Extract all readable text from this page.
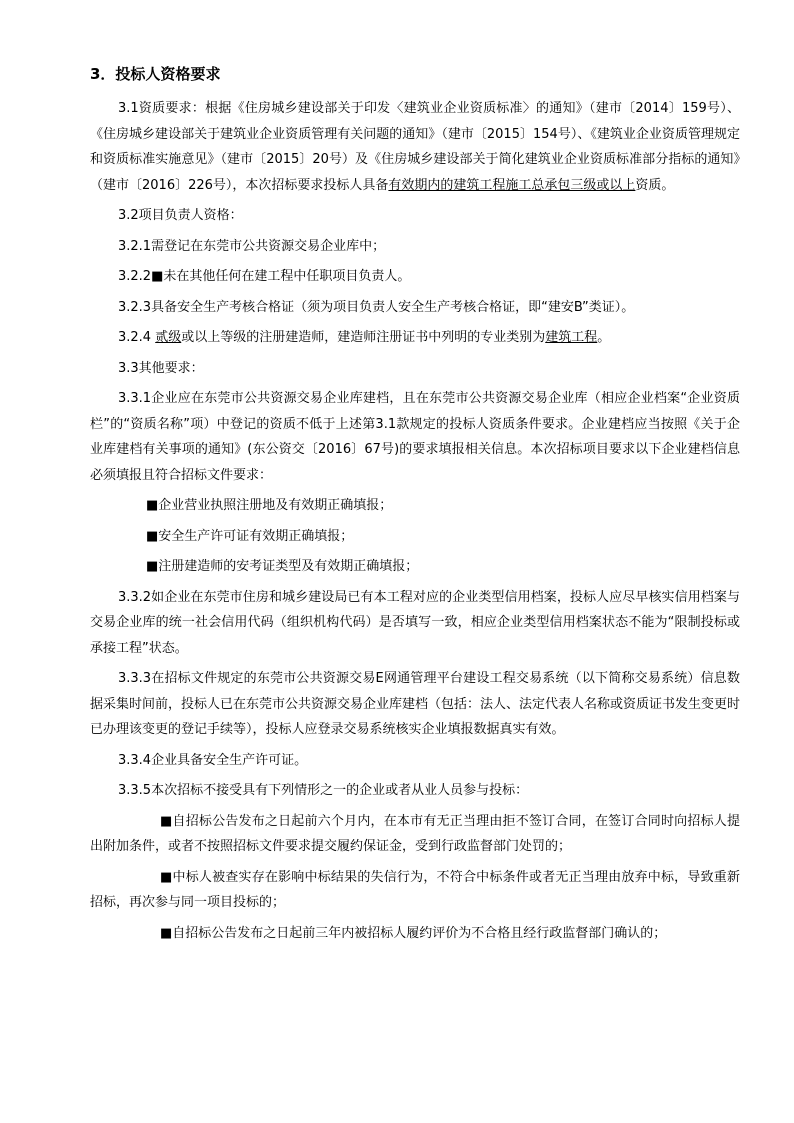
3．投标人资格要求

3.1资质要求：根据《住房城乡建设部关于印发〈建筑业企业资质标准〉的通知》（建市〔2014〕159号）、《住房城乡建设部关于建筑业企业资质管理有关问题的通知》（建市〔2015〕154号）、《建筑业企业资质管理规定和资质标准实施意见》（建市〔2015〕20号）及《住房城乡建设部关于简化建筑业企业资质标准部分指标的通知》（建市〔2016〕226号），本次招标要求投标人具备有效期内的建筑工程施工总承包三级或以上资质。

3.2项目负责人资格：

3.2.1需登记在东莞市公共资源交易企业库中；

3.2.2■未在其他任何在建工程中任职项目负责人。

3.2.3具备安全生产考核合格证（须为项目负责人安全生产考核合格证，即“建安B”类证）。

3.2.4 贰级或以上等级的注册建造师，建造师注册证书中列明的专业类别为建筑工程。

3.3其他要求：

3.3.1企业应在东莞市公共资源交易企业库建档，且在东莞市公共资源交易企业库（相应企业档案“企业资质栏”的“资质名称”项）中登记的资质不低于上述第3.1款规定的投标人资质条件要求。企业建档应当按照《关于企业库建档有关事项的通知》(东公资交〔2016〕67号)的要求填报相关信息。本次招标项目要求以下企业建档信息必须填报且符合招标文件要求：

■企业营业执照注册地及有效期正确填报；

■安全生产许可证有效期正确填报；

■注册建造师的安考证类型及有效期正确填报；

3.3.2如企业在东莞市住房和城乡建设局已有本工程对应的企业类型信用档案，投标人应尽早核实信用档案与交易企业库的统一社会信用代码（组织机构代码）是否填写一致，相应企业类型信用档案状态不能为“限制投标或承接工程”状态。

3.3.3在招标文件规定的东莞市公共资源交易E网通管理平台建设工程交易系统（以下简称交易系统）信息数据采集时间前，投标人已在东莞市公共资源交易企业库建档（包括：法人、法定代表人名称或资质证书发生变更时已办理该变更的登记手续等），投标人应登录交易系统核实企业填报数据真实有效。

3.3.4企业具备安全生产许可证。

3.3.5本次招标不接受具有下列情形之一的企业或者从业人员参与投标：

■自招标公告发布之日起前六个月内，在本市有无正当理由拒不签订合同，在签订合同时向招标人提出附加条件，或者不按照招标文件要求提交履约保证金，受到行政监督部门处罚的；

■中标人被查实存在影响中标结果的失信行为，不符合中标条件或者无正当理由放弃中标，导致重新招标，再次参与同一项目投标的；

■自招标公告发布之日起前三年内被招标人履约评价为不合格且经行政监督部门确认的；
